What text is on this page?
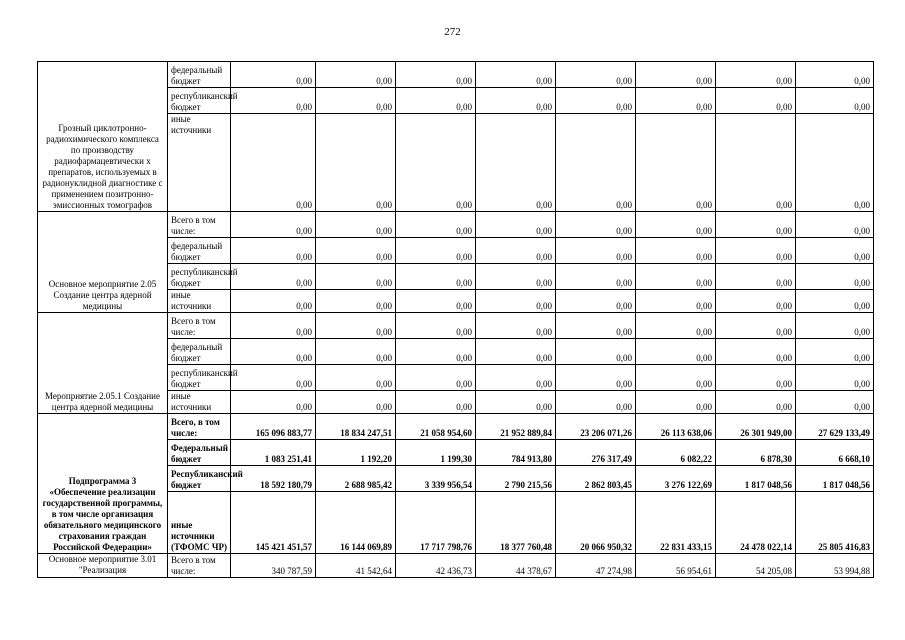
272
Грозный циклотронно-радиохимического комплекса по производству радиофармацевтически х препаратов, используемых в радионуклидной диагностике с применением позитронно-эмиссионных томографов	федеральный бюджет	0,00	0,00	0,00	0,00	0,00	0,00	0,00	0,00
	республиканский бюджет	0,00	0,00	0,00	0,00	0,00	0,00	0,00	0,00
	иные источники	0,00	0,00	0,00	0,00	0,00	0,00	0,00	0,00
Основное мероприятие 2.05 Создание центра ядерной медицины	Всего в том числе:	0,00	0,00	0,00	0,00	0,00	0,00	0,00	0,00
	федеральный бюджет	0,00	0,00	0,00	0,00	0,00	0,00	0,00	0,00
	республиканский бюджет	0,00	0,00	0,00	0,00	0,00	0,00	0,00	0,00
	иные источники	0,00	0,00	0,00	0,00	0,00	0,00	0,00	0,00
Мероприятие 2.05.1 Создание центра ядерной медицины	Всего в том числе:	0,00	0,00	0,00	0,00	0,00	0,00	0,00	0,00
	федеральный бюджет	0,00	0,00	0,00	0,00	0,00	0,00	0,00	0,00
	республиканский бюджет	0,00	0,00	0,00	0,00	0,00	0,00	0,00	0,00
	иные источники	0,00	0,00	0,00	0,00	0,00	0,00	0,00	0,00
Подпрограмма 3 «Обеспечение реализации государственной программы, в том числе организация обязательного медицинского страхования граждан Российской Федерации»	Всего, в том числе:	165 096 883,77	18 834 247,51	21 058 954,60	21 952 889,84	23 206 071,26	26 113 638,06	26 301 949,00	27 629 133,49
	Федеральный бюджет	1 083 251,41	1 192,20	1 199,30	784 913,80	276 317,49	6 082,22	6 878,30	6 668,10
	Республиканский бюджет	18 592 180,79	2 688 985,42	3 339 956,54	2 790 215,56	2 862 803,45	3 276 122,69	1 817 048,56	1 817 048,56
	иные источники (ТФОМС ЧР)	145 421 451,57	16 144 069,89	17 717 798,76	18 377 760,48	20 066 950,32	22 831 433,15	24 478 022,14	25 805 416,83
Основное мероприятие 3.01 "Реализация	Всего в том числе:	340 787,59	41 542,64	42 436,73	44 378,67	47 274,98	56 954,61	54 205,08	53 994,88
